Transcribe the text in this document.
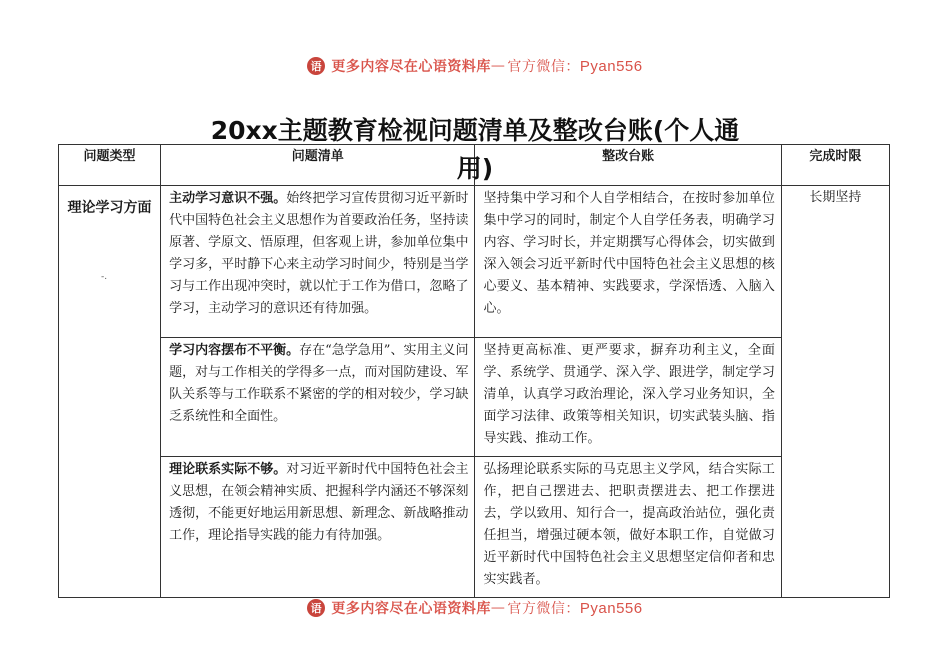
语 更多内容尽在心语资料库 — 官方微信： Pyan556
20xx主题教育检视问题清单及整改台账(个人通
用)
问题类型	问题清单	整改台账	完成时限

-.
理论学习方面	主动学习意识不强。始终把学习宣传贯彻习近平新时代中国特色社会主义思想作为首要政治任务，坚持读原著、学原文、悟原理，但客观上讲，参加单位集中学习多，平时静下心来主动学习时间少，特别是当学习与工作出现冲突时，就以忙于工作为借口，忽略了学习，主动学习的意识还有待加强。	坚持集中学习和个人自学相结合，在按时参加单位集中学习的同时，制定个人自学任务表，明确学习内容、学习时长，并定期撰写心得体会，切实做到深入领会习近平新时代中国特色社会主义思想的核心要义、基本精神、实践要求，学深悟透、入脑入心。	长期坚持

	学习内容摆布不平衡。存在“急学急用”、实用主义问题，对与工作相关的学得多一点，而对国防建设、军队关系等与工作联系不紧密的学的相对较少，学习缺乏系统性和全面性。	坚持更高标准、更严要求，摒弃功利主义，全面学、系统学、贯通学、深入学、跟进学，制定学习清单，认真学习政治理论，深入学习业务知识，全面学习法律、政策等相关知识，切实武装头脑、指导实践、推动工作。	

	理论联系实际不够。对习近平新时代中国特色社会主义思想，在领会精神实质、把握科学内涵还不够深刻透彻，不能更好地运用新思想、新理念、新战略推动工作，理论指导实践的能力有待加强。	弘扬理论联系实际的马克思主义学风，结合实际工作，把自己摆进去、把职责摆进去、把工作摆进去，学以致用、知行合一，提高政治站位，强化责任担当，增强过硬本领，做好本职工作，自觉做习近平新时代中国特色社会主义思想坚定信仰者和忠实实践者。	
语 更多内容尽在心语资料库 — 官方微信： Pyan556
